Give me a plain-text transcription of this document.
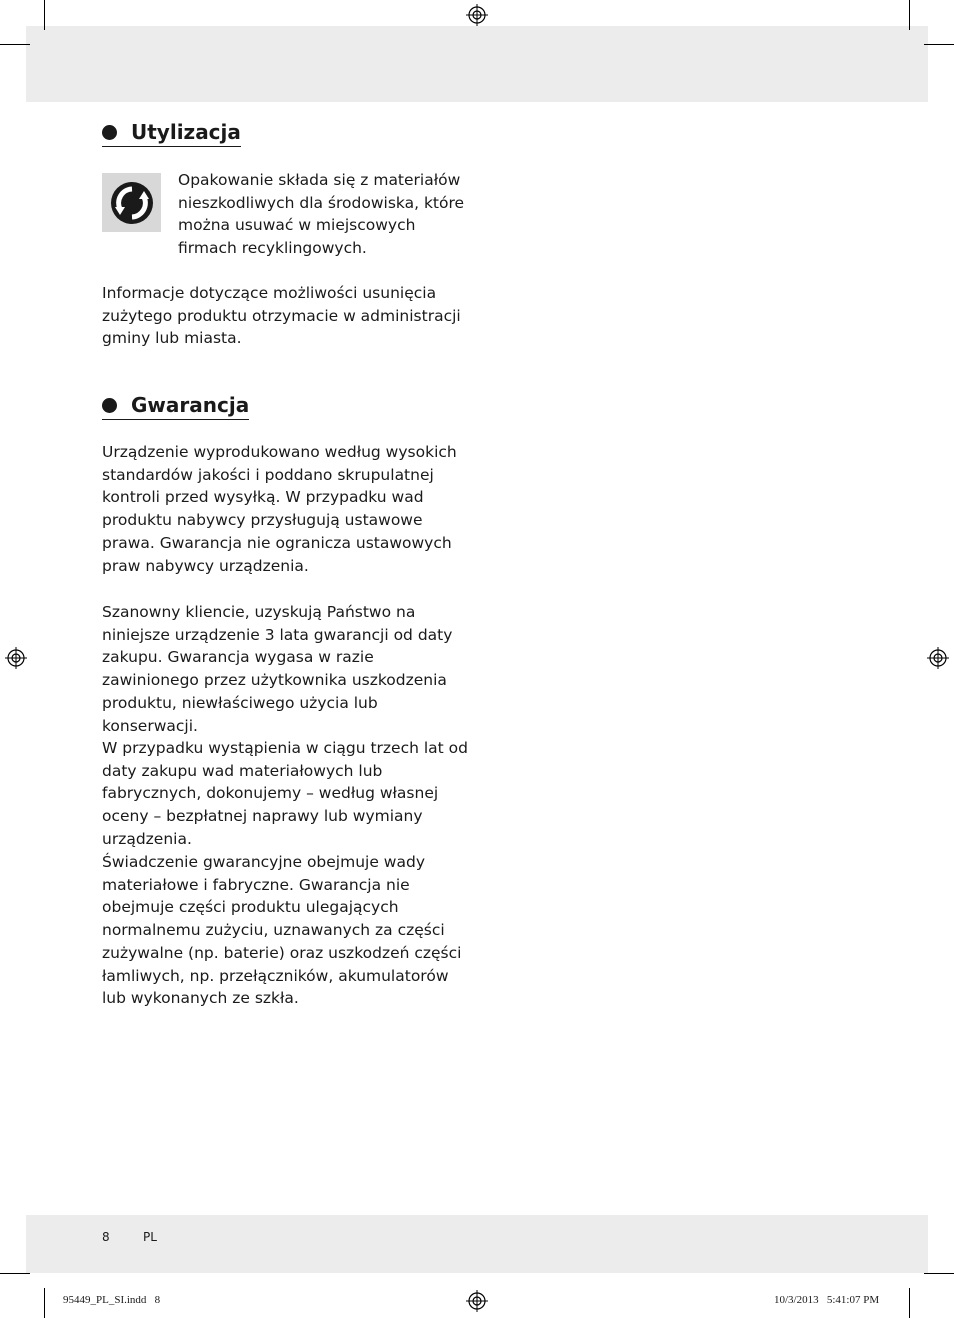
Utylizacja

Opakowanie składa się z materiałów nieszkodliwych dla środowiska, które można usuwać w miejscowych firmach recyklingowych.

Informacje dotyczące możliwości usunięcia zużytego produktu otrzymacie w administracji gminy lub miasta.

Gwarancja

Urządzenie wyprodukowano według wysokich standardów jakości i poddano skrupulatnej kontroli przed wysyłką. W przypadku wad produktu nabywcy przysługują ustawowe prawa. Gwarancja nie ogranicza ustawowych praw nabywcy urządzenia.

Szanowny kliencie, uzyskują Państwo na niniejsze urządzenie 3 lata gwarancji od daty zakupu. Gwarancja wygasa w razie zawinionego przez użytkownika uszkodzenia produktu, niewłaściwego użycia lub konserwacji.

W przypadku wystąpienia w ciągu trzech lat od daty zakupu wad materiałowych lub fabrycznych, dokonujemy – według własnej oceny – bezpłatnej naprawy lub wymiany urządzenia.

Świadczenie gwarancyjne obejmuje wady materiałowe i fabryczne. Gwarancja nie obejmuje części produktu ulegających normalnemu zużyciu, uznawanych za części zużywalne (np. baterie) oraz uszkodzeń części łamliwych, np. przełączników, akumulatorów lub wykonanych ze szkła.

8	PL
95449_PL_SI.indd   8	10/3/2013   5:41:07 PM
